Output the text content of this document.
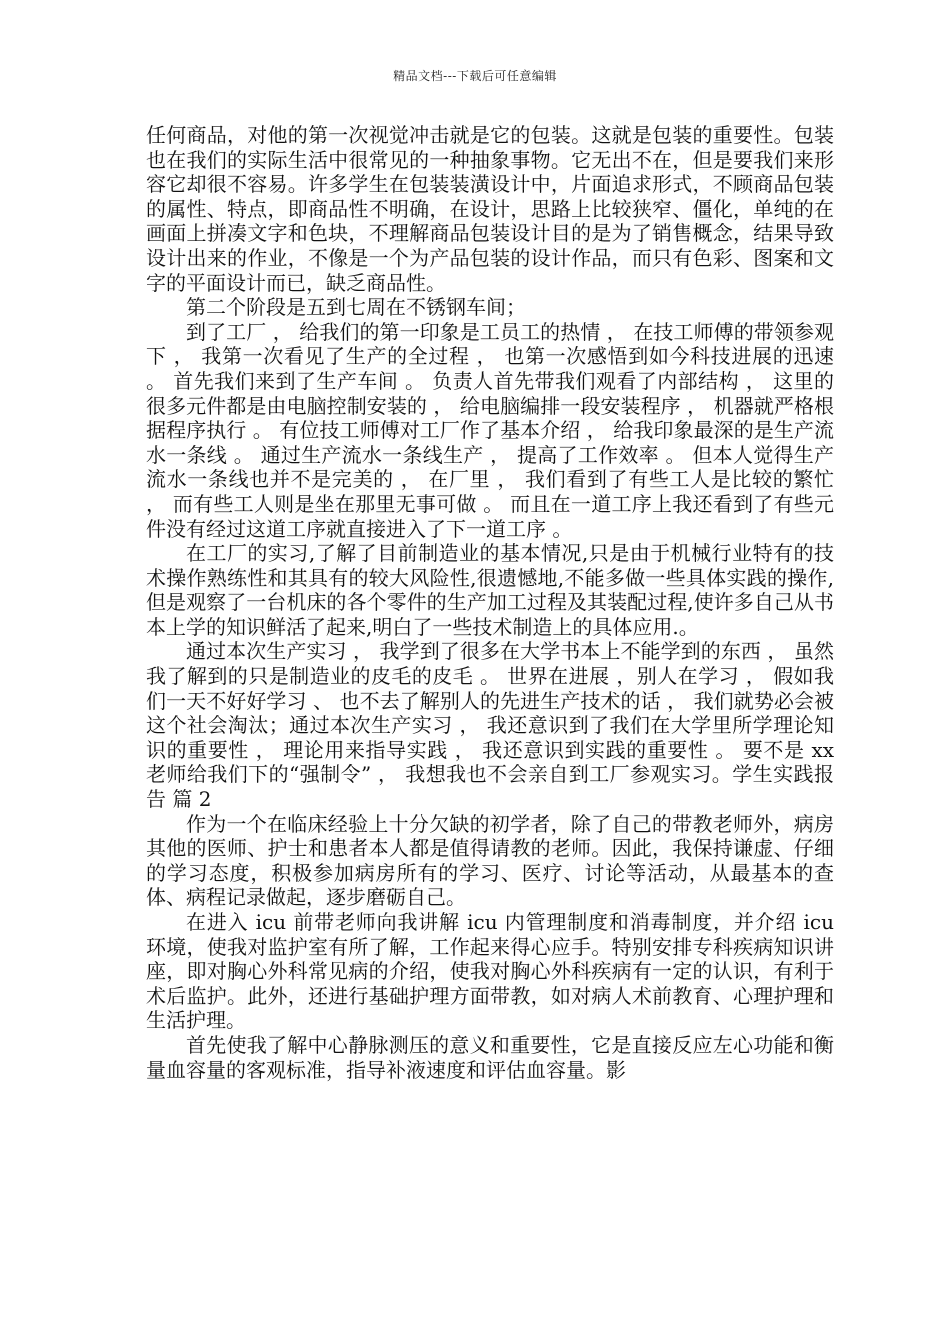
精品文档---下载后可任意编辑

任何商品，对他的第一次视觉冲击就是它的包装。这就是包装的重要性。包装也在我们的实际生活中很常见的一种抽象事物。它无出不在，但是要我们来形容它却很不容易。许多学生在包装装潢设计中，片面追求形式，不顾商品包装的属性、特点，即商品性不明确，在设计，思路上比较狭窄、僵化，单纯的在画面上拼凑文字和色块，不理解商品包装设计目的是为了销售概念，结果导致设计出来的作业，不像是一个为产品包装的设计作品，而只有色彩、图案和文字的平面设计而已，缺乏商品性。

第二个阶段是五到七周在不锈钢车间；

到了工厂 ， 给我们的第一印象是工员工的热情 ， 在技工师傅的带领参观下 ， 我第一次看见了生产的全过程 ， 也第一次感悟到如今科技进展的迅速 。 首先我们来到了生产车间 。 负责人首先带我们观看了内部结构 ， 这里的很多元件都是由电脑控制安装的 ， 给电脑编排一段安装程序 ， 机器就严格根据程序执行 。 有位技工师傅对工厂作了基本介绍 ， 给我印象最深的是生产流水一条线 。 通过生产流水一条线生产 ， 提高了工作效率 。 但本人觉得生产流水一条线也并不是完美的 ， 在厂里 ， 我们看到了有些工人是比较的繁忙 ， 而有些工人则是坐在那里无事可做 。 而且在一道工序上我还看到了有些元件没有经过这道工序就直接进入了下一道工序 。

在工厂的实习,了解了目前制造业的基本情况,只是由于机械行业特有的技术操作熟练性和其具有的较大风险性,很遗憾地,不能多做一些具体实践的操作,但是观察了一台机床的各个零件的生产加工过程及其装配过程,使许多自己从书本上学的知识鲜活了起来,明白了一些技术制造上的具体应用.。

通过本次生产实习 ， 我学到了很多在大学书本上不能学到的东西 ， 虽然我了解到的只是制造业的皮毛的皮毛 。 世界在进展 ，别人在学习 ， 假如我们一天不好好学习 、 也不去了解别人的先进生产技术的话 ， 我们就势必会被这个社会淘汰；通过本次生产实习 ， 我还意识到了我们在大学里所学理论知识的重要性 ， 理论用来指导实践 ， 我还意识到实践的重要性 。 要不是 xx 老师给我们下的“强制令” ， 我想我也不会亲自到工厂参观实习。学生实践报告 篇 2

作为一个在临床经验上十分欠缺的初学者，除了自己的带教老师外，病房其他的医师、护士和患者本人都是值得请教的老师。因此，我保持谦虚、仔细的学习态度，积极参加病房所有的学习、医疗、讨论等活动，从最基本的查体、病程记录做起，逐步磨砺自己。

在进入 icu 前带老师向我讲解 icu 内管理制度和消毒制度，并介绍 icu 环境，使我对监护室有所了解，工作起来得心应手。特别安排专科疾病知识讲座，即对胸心外科常见病的介绍，使我对胸心外科疾病有一定的认识，有利于术后监护。此外，还进行基础护理方面带教，如对病人术前教育、心理护理和生活护理。

首先使我了解中心静脉测压的意义和重要性，它是直接反应左心功能和衡量血容量的客观标准，指导补液速度和评估血容量。影
